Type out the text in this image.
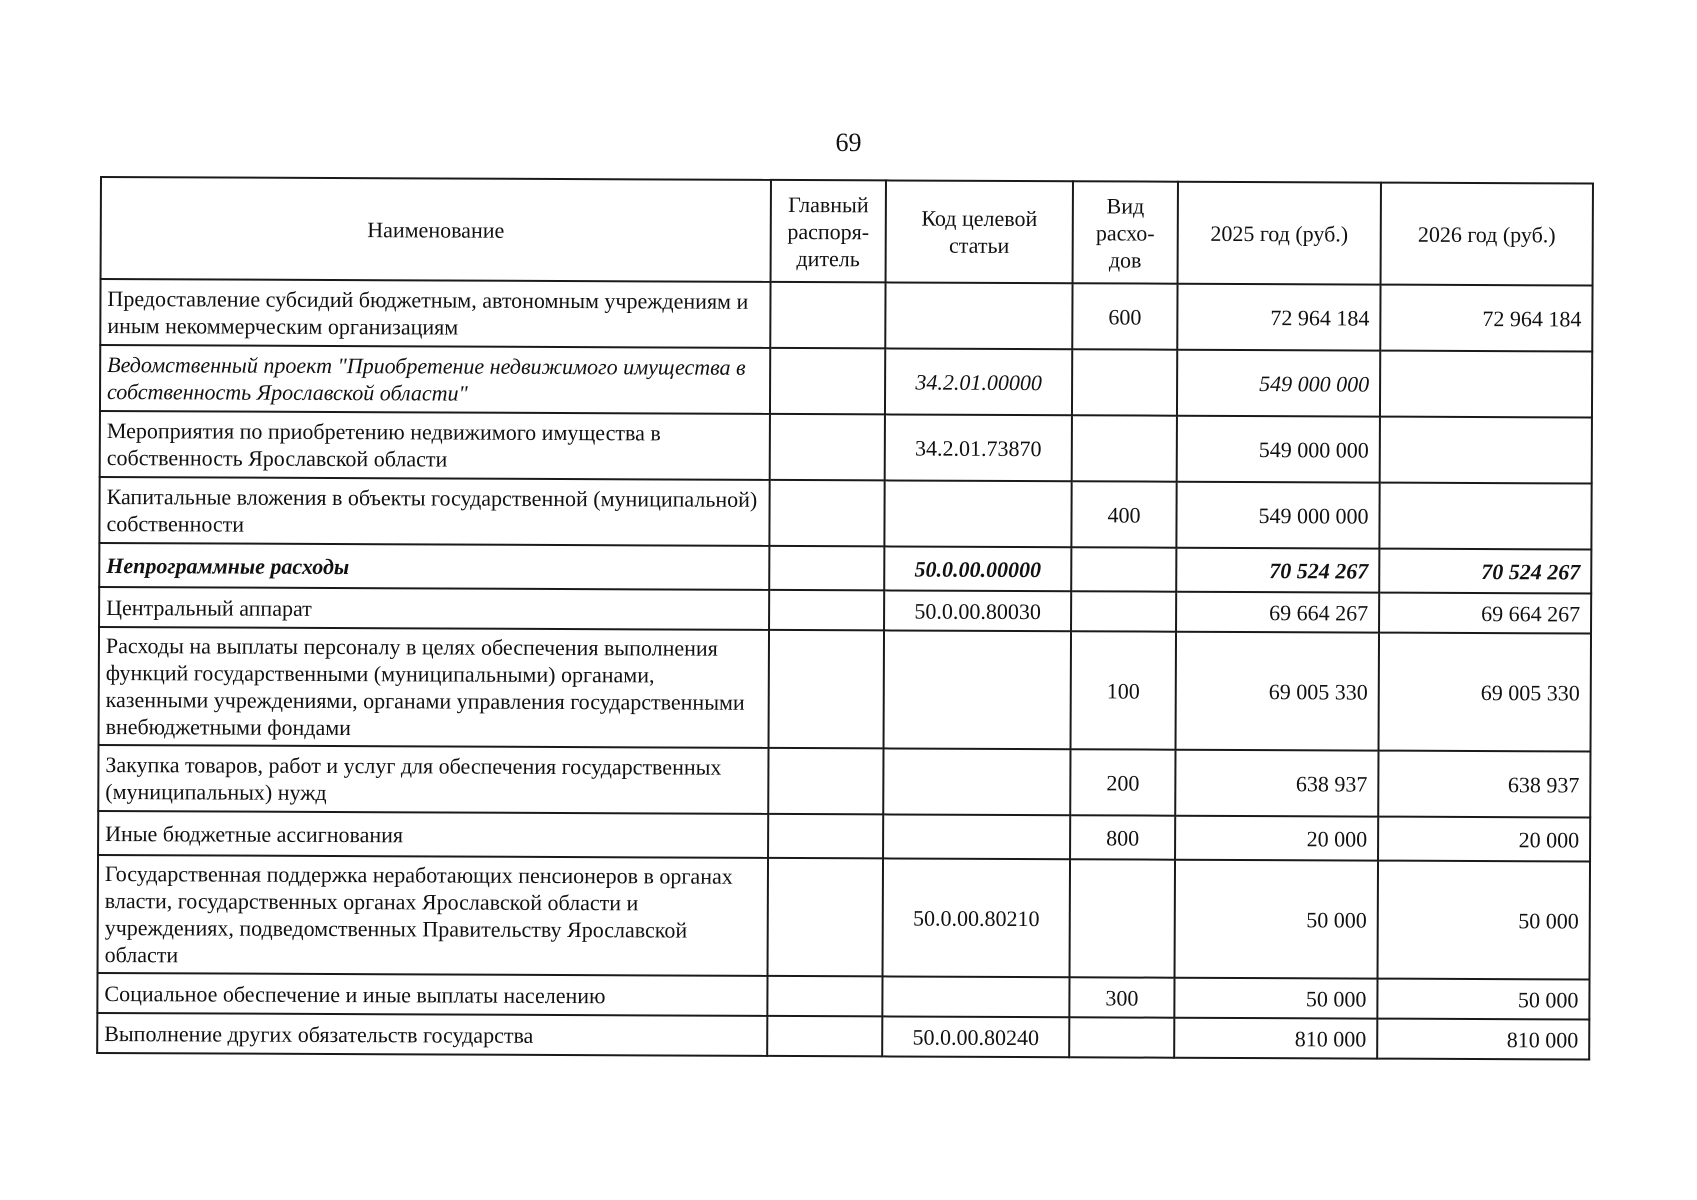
69
Наименование	Главный распоря-дитель	Код целевой статьи	Вид расхо-дов	2025 год (руб.)	2026 год (руб.)
Предоставление субсидий бюджетным, автономным учреждениям и иным некоммерческим организациям			600	72 964 184	72 964 184
Ведомственный проект "Приобретение недвижимого имущества в собственность Ярославской области"		34.2.01.00000		549 000 000	
Мероприятия по приобретению недвижимого имущества в собственность Ярославской области		34.2.01.73870		549 000 000	
Капитальные вложения в объекты государственной (муниципальной) собственности			400	549 000 000	
Непрограммные расходы		50.0.00.00000		70 524 267	70 524 267
Центральный аппарат		50.0.00.80030		69 664 267	69 664 267
Расходы на выплаты персоналу в целях обеспечения выполнения функций государственными (муниципальными) органами, казенными учреждениями, органами управления государственными внебюджетными фондами			100	69 005 330	69 005 330
Закупка товаров, работ и услуг для обеспечения государственных (муниципальных) нужд			200	638 937	638 937
Иные бюджетные ассигнования			800	20 000	20 000
Государственная поддержка неработающих пенсионеров в органах власти, государственных органах Ярославской области и учреждениях, подведомственных Правительству Ярославской области		50.0.00.80210		50 000	50 000
Социальное обеспечение и иные выплаты населению			300	50 000	50 000
Выполнение других обязательств государства		50.0.00.80240		810 000	810 000
